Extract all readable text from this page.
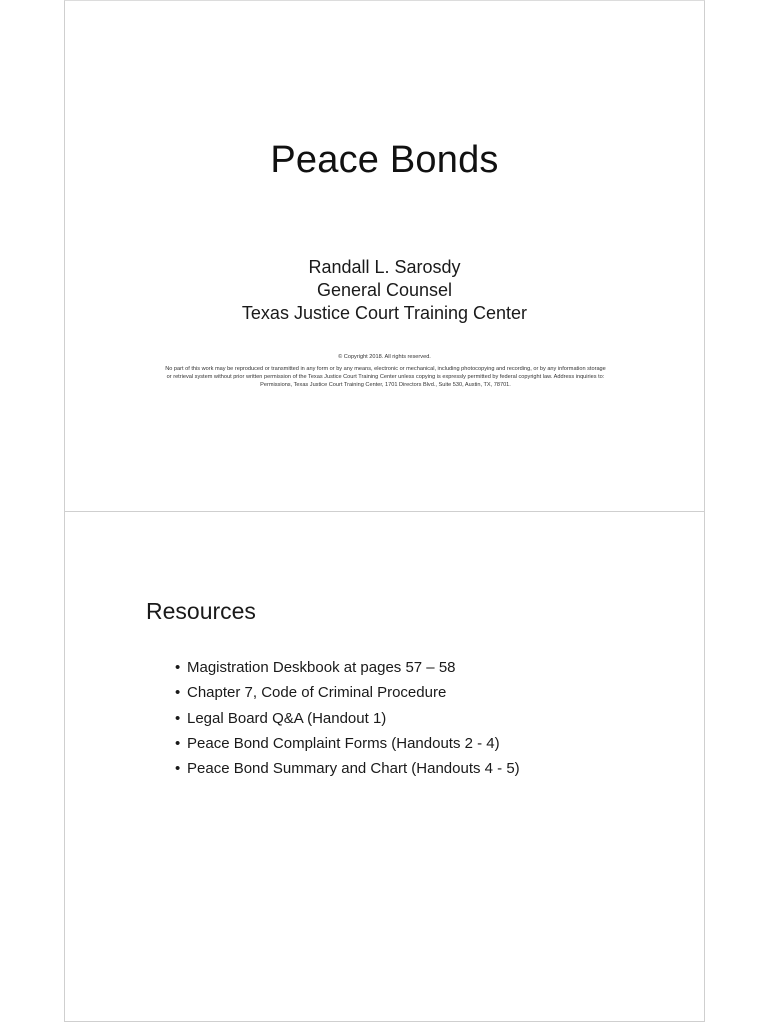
Peace Bonds
Randall L. Sarosdy
General Counsel
Texas Justice Court Training Center
© Copyright 2018. All rights reserved.
No part of this work may be reproduced or transmitted in any form or by any means, electronic or mechanical, including photocopying and recording, or by any information storage or retrieval system without prior written permission of the Texas Justice Court Training Center unless copying is expressly permitted by federal copyright law. Address inquiries to: Permissions, Texas Justice Court Training Center, 1701 Directors Blvd., Suite 530, Austin, TX, 78701.
Resources
• Magistration Deskbook at pages 57 – 58
• Chapter 7, Code of Criminal Procedure
• Legal Board Q&A (Handout 1)
• Peace Bond Complaint Forms (Handouts 2 - 4)
• Peace Bond Summary and Chart (Handouts 4 - 5)
